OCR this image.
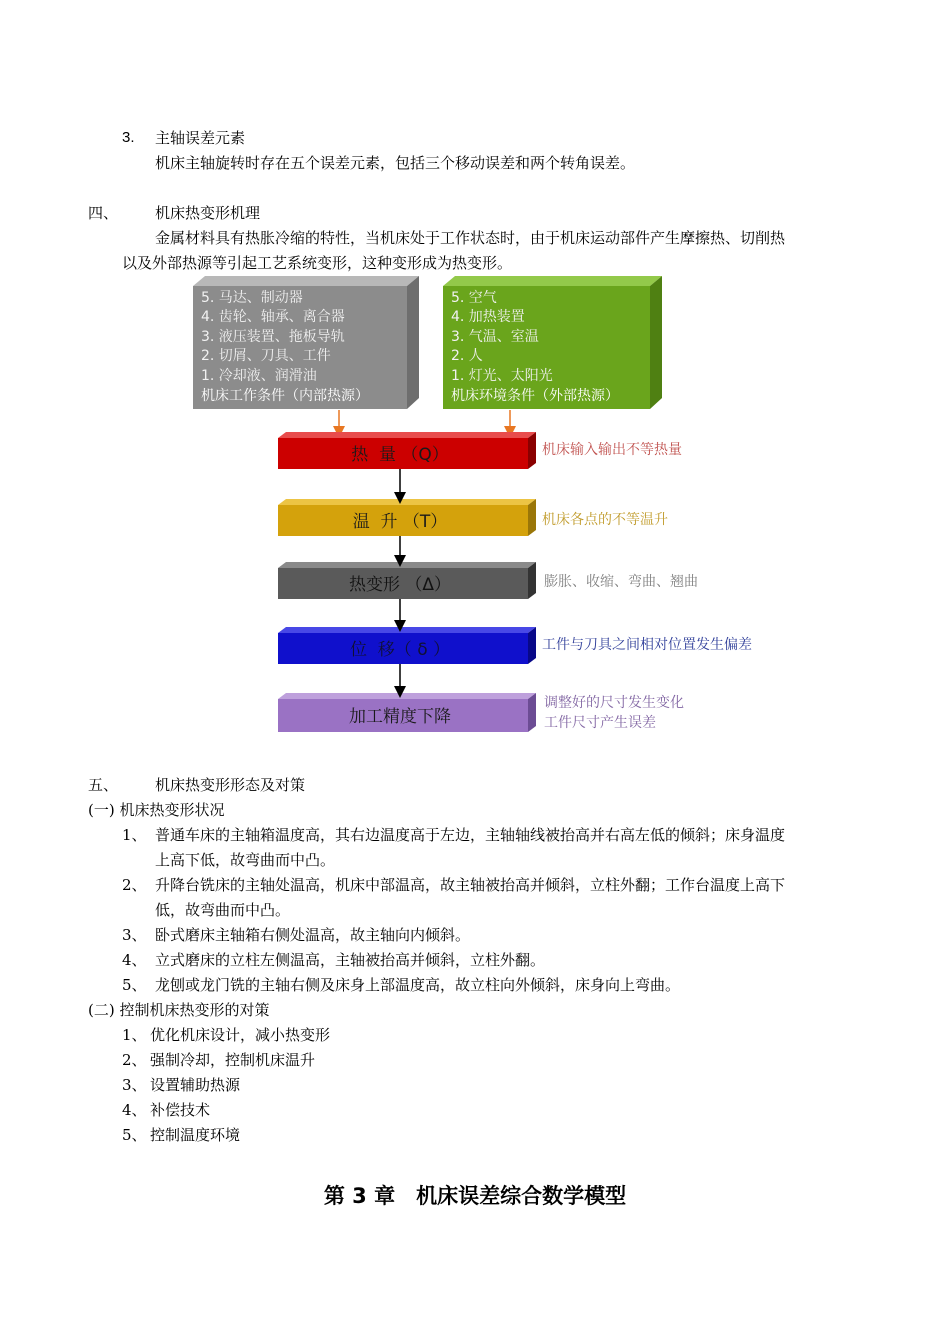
3. 主轴误差元素
机床主轴旋转时存在五个误差元素，包括三个移动误差和两个转角误差。
四、 机床热变形机理
金属材料具有热胀冷缩的特性，当机床处于工作状态时，由于机床运动部件产生摩擦热、切削热
以及外部热源等引起工艺系统变形，这种变形成为热变形。
5. 马达、制动器
4. 齿轮、轴承、离合器
3. 液压装置、拖板导轨
2. 切屑、刀具、工件
1. 冷却液、润滑油
机床工作条件（内部热源）
5. 空气
4. 加热装置
3. 气温、室温
2. 人
1. 灯光、太阳光
机床环境条件（外部热源）
热  量 （Q）
温  升 （T）
热变形 （Δ）
位  移（ δ ）
加工精度下降
机床输入输出不等热量
机床各点的不等温升
膨胀、收缩、弯曲、翘曲
工件与刀具之间相对位置发生偏差
调整好的尺寸发生变化
工件尺寸产生误差
五、 机床热变形形态及对策
(一) 机床热变形状况
1、 普通车床的主轴箱温度高，其右边温度高于左边，主轴轴线被抬高并右高左低的倾斜；床身温度
上高下低，故弯曲而中凸。
2、 升降台铣床的主轴处温高，机床中部温高，故主轴被抬高并倾斜，立柱外翻；工作台温度上高下
低，故弯曲而中凸。
3、 卧式磨床主轴箱右侧处温高，故主轴向内倾斜。
4、 立式磨床的立柱左侧温高，主轴被抬高并倾斜，立柱外翻。
5、 龙刨或龙门铣的主轴右侧及床身上部温度高，故立柱向外倾斜，床身向上弯曲。
(二) 控制机床热变形的对策
1、 优化机床设计，减小热变形
2、 强制冷却，控制机床温升
3、 设置辅助热源
4、 补偿技术
5、 控制温度环境
第 3 章　机床误差综合数学模型
